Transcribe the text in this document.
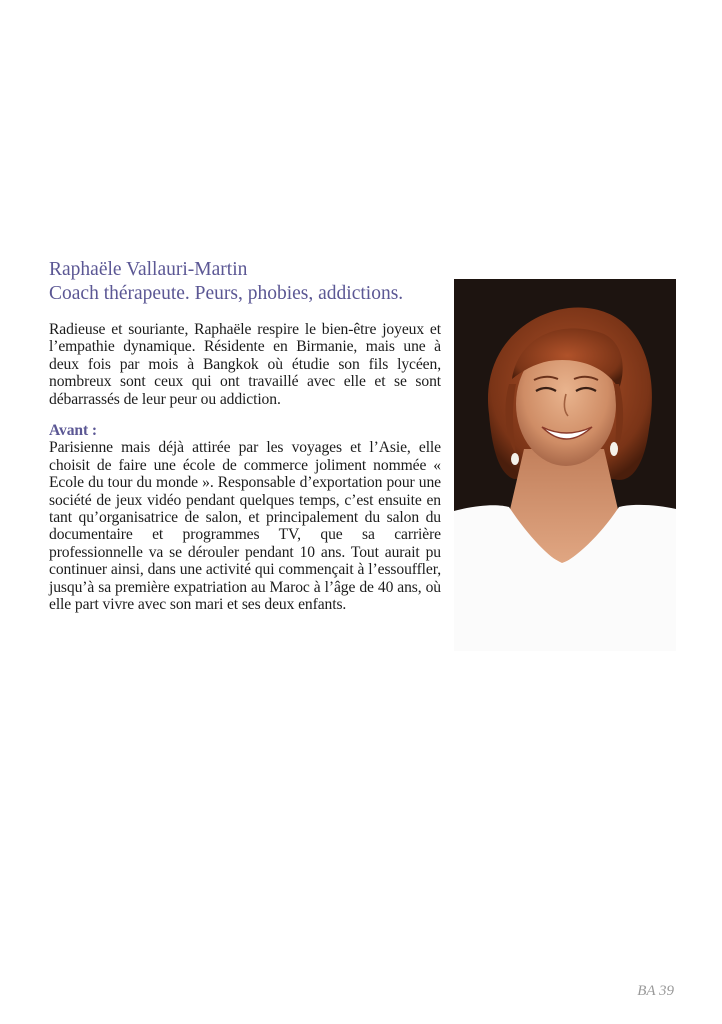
Raphaële Vallauri-Martin
Coach thérapeute. Peurs, phobies, addictions.

Radieuse et souriante, Raphaële respire le bien-être joyeux et l’empathie dynamique. Résidente en Birmanie, mais une à deux fois par mois à Bangkok où étudie son fils lycéen, nombreux sont ceux qui ont travaillé avec elle et se sont débarrassés de leur peur ou addiction.

Avant :

Parisienne mais déjà attirée par les voyages et l’Asie, elle choisit de faire une école de commerce joliment nommée « Ecole du tour du monde ». Responsable d’exportation pour une société de jeux vidéo pendant quelques temps, c’est ensuite en tant qu’organisatrice de salon, et principalement du salon du documentaire et programmes TV, que sa carrière professionnelle va se dérouler pendant 10 ans. Tout aurait pu continuer ainsi, dans une activité qui commençait à l’essouffler, jusqu’à sa première expatriation au Maroc à l’âge de 40 ans, où elle part vivre avec son mari et ses deux enfants.

BA 39
